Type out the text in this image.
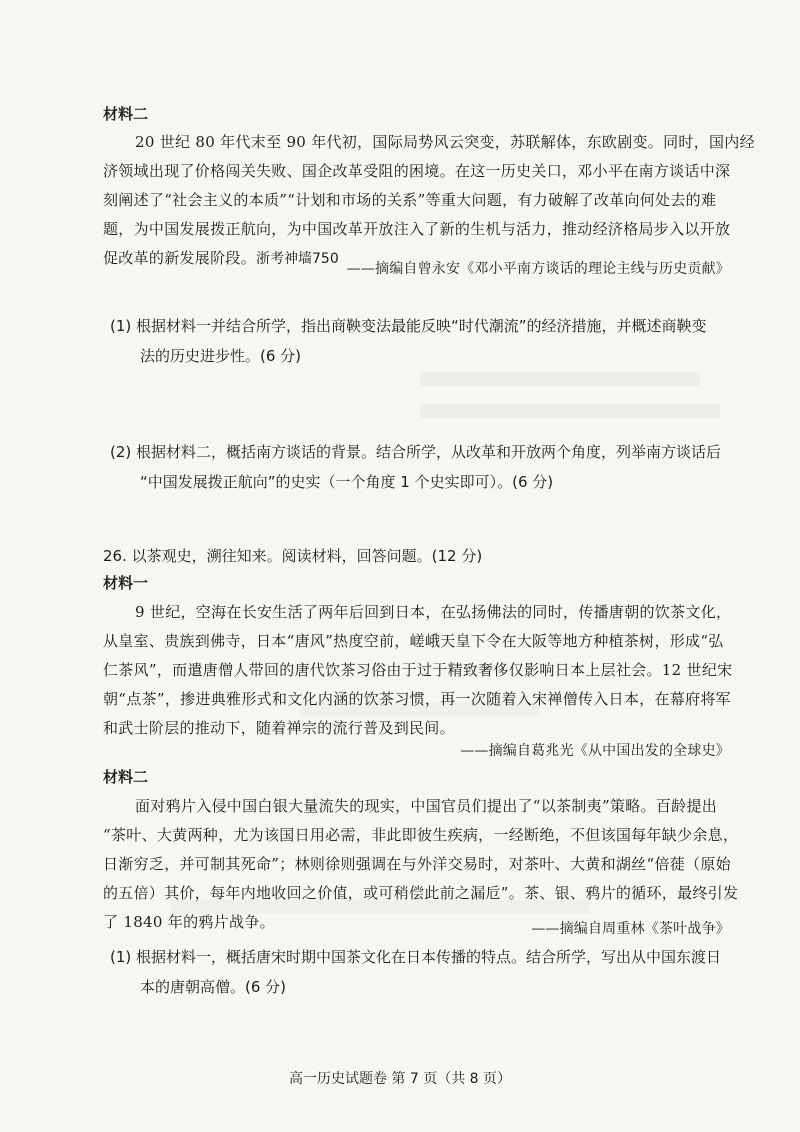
材料二
20 世纪 80 年代末至 90 年代初，国际局势风云突变，苏联解体，东欧剧变。同时，国内经
济领域出现了价格闯关失败、国企改革受阻的困境。在这一历史关口，邓小平在南方谈话中深
刻阐述了“社会主义的本质”“计划和市场的关系”等重大问题，有力破解了改革向何处去的难
题，为中国发展拨正航向，为中国改革开放注入了新的生机与活力，推动经济格局步入以开放
促改革的新发展阶段。浙考神墙750
——摘编自曾永安《邓小平南方谈话的理论主线与历史贡献》
(1) 根据材料一并结合所学，指出商鞅变法最能反映“时代潮流”的经济措施，并概述商鞅变
法的历史进步性。(6 分)
(2) 根据材料二，概括南方谈话的背景。结合所学，从改革和开放两个角度，列举南方谈话后
“中国发展拨正航向”的史实（一个角度 1 个史实即可）。(6 分)
26. 以茶观史，溯往知来。阅读材料，回答问题。(12 分)
材料一
9 世纪，空海在长安生活了两年后回到日本，在弘扬佛法的同时，传播唐朝的饮茶文化，
从皇室、贵族到佛寺，日本“唐风”热度空前，嵯峨天皇下令在大阪等地方种植茶树，形成“弘
仁茶风”，而遣唐僧人带回的唐代饮茶习俗由于过于精致奢侈仅影响日本上层社会。12 世纪宋
朝“点茶”，掺进典雅形式和文化内涵的饮茶习惯，再一次随着入宋禅僧传入日本，在幕府将军
和武士阶层的推动下，随着禅宗的流行普及到民间。
——摘编自葛兆光《从中国出发的全球史》
材料二
面对鸦片入侵中国白银大量流失的现实，中国官员们提出了“以茶制夷”策略。百龄提出
“茶叶、大黄两种，尤为该国日用必需，非此即彼生疾病，一经断绝，不但该国每年缺少余息，
日渐穷乏，并可制其死命”；林则徐则强调在与外洋交易时，对茶叶、大黄和湖丝“倍蓰（原始
的五倍）其价，每年内地收回之价值，或可稍偿此前之漏卮”。茶、银、鸦片的循环，最终引发
了 1840 年的鸦片战争。	——摘编自周重林《茶叶战争》
(1) 根据材料一，概括唐宋时期中国茶文化在日本传播的特点。结合所学，写出从中国东渡日
本的唐朝高僧。(6 分)
高一历史试题卷 第 7 页（共 8 页）
